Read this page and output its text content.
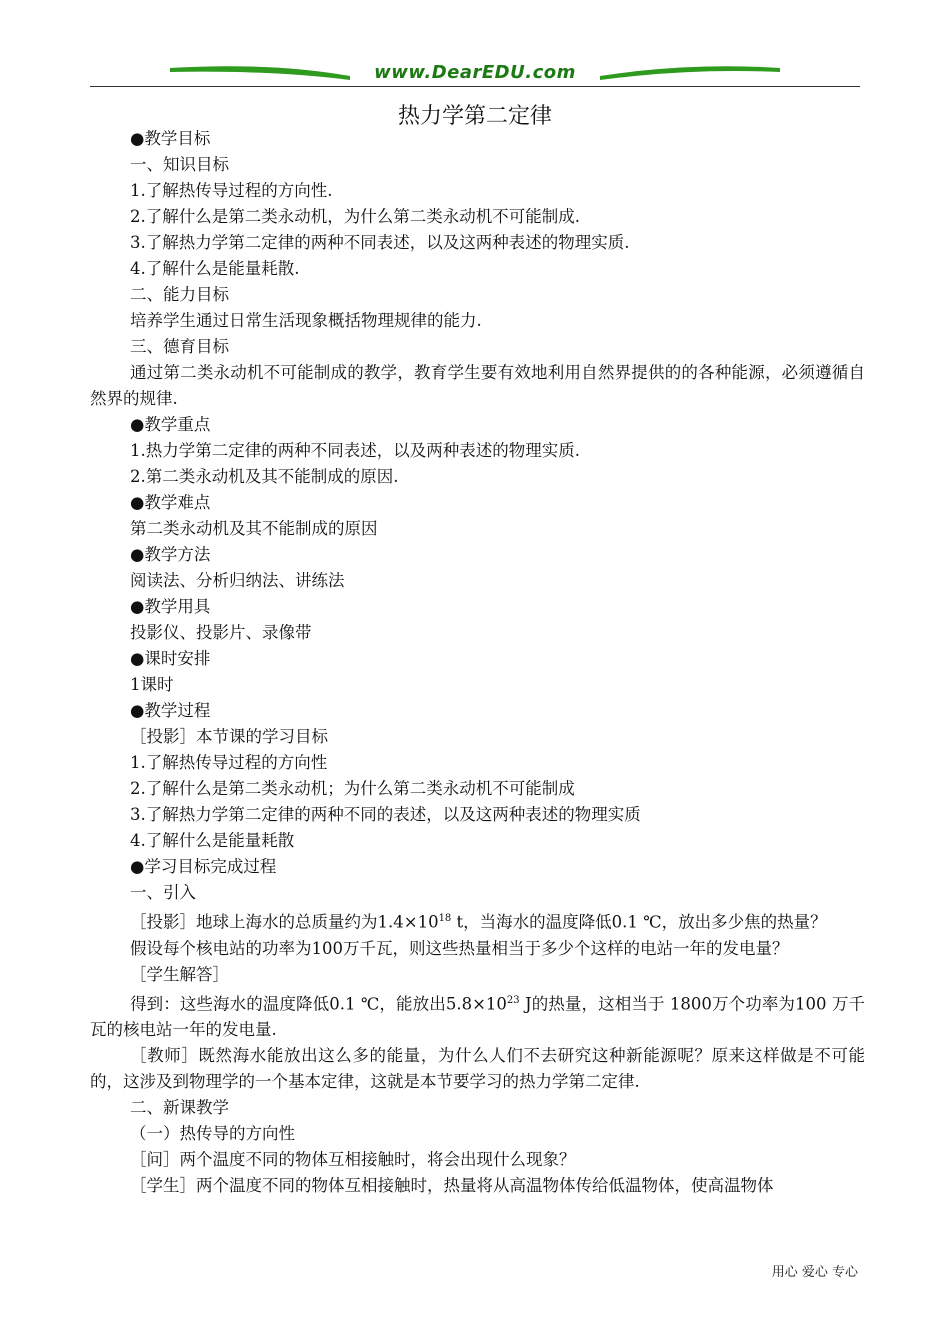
www.DearEDU.com
热力学第二定律
●教学目标
一、知识目标
1.了解热传导过程的方向性.
2.了解什么是第二类永动机，为什么第二类永动机不可能制成.
3.了解热力学第二定律的两种不同表述，以及这两种表述的物理实质.
4.了解什么是能量耗散.
二、能力目标
培养学生通过日常生活现象概括物理规律的能力.
三、德育目标
通过第二类永动机不可能制成的教学，教育学生要有效地利用自然界提供的的各种能源，必须遵循自然界的规律.
●教学重点
1.热力学第二定律的两种不同表述，以及两种表述的物理实质.
2.第二类永动机及其不能制成的原因.
●教学难点
第二类永动机及其不能制成的原因
●教学方法
阅读法、分析归纳法、讲练法
●教学用具
投影仪、投影片、录像带
●课时安排
1课时
●教学过程
［投影］本节课的学习目标
1.了解热传导过程的方向性
2.了解什么是第二类永动机；为什么第二类永动机不可能制成
3.了解热力学第二定律的两种不同的表述，以及这两种表述的物理实质
4.了解什么是能量耗散
●学习目标完成过程
一、引入
［投影］地球上海水的总质量约为$1.4\times 10^{18}$ t，当海水的温度降低0.1 ℃，放出多少焦的热量？
假设每个核电站的功率为100万千瓦，则这些热量相当于多少个这样的电站一年的发电量？
［学生解答］
得到：这些海水的温度降低0.1 ℃，能放出$5.8\times 10^{23}$ J的热量，这相当于 1800万个功率为100 万千瓦的核电站一年的发电量.
［教师］既然海水能放出这么多的能量，为什么人们不去研究这种新能源呢？原来这样做是不可能的，这涉及到物理学的一个基本定律，这就是本节要学习的热力学第二定律.
二、新课教学
（一）热传导的方向性
［问］两个温度不同的物体互相接触时，将会出现什么现象？
［学生］两个温度不同的物体互相接触时，热量将从高温物体传给低温物体，使高温物体
用心 爱心 专心
